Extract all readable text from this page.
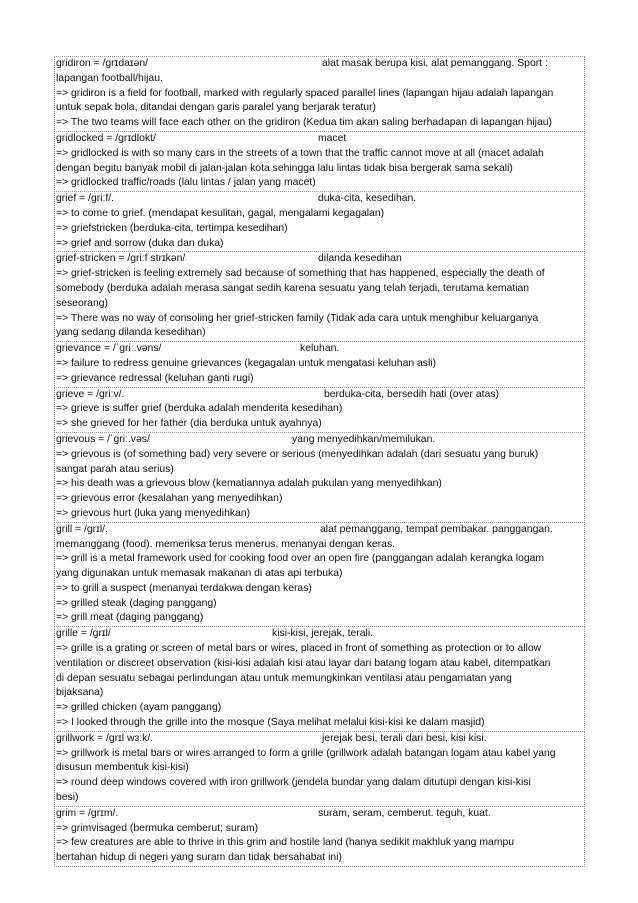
gridiron = /ɡrɪdaɪən/	alat masak berupa kisi, alat pemanggang. Sport :
lapangan football/hijau.
=> gridiron is a field for football, marked with regularly spaced parallel lines (lapangan hijau adalah lapangan
untuk sepak bola, ditandai dengan garis paralel yang berjarak teratur)
=> The two teams will face each other on the gridiron (Kedua tim akan saling berhadapan di lapangan hijau)
gridlocked = /ɡrɪdlokt/	macet
=> gridlocked is with so many cars in the streets of a town that the traffic cannot move at all (macet adalah
dengan begitu banyak mobil di jalan-jalan kota sehingga lalu lintas tidak bisa bergerak sama sekali)
=> gridlocked traffic/roads (lalu lintas / jalan yang macet)
grief = /ɡriːf/.	duka-cita, kesedihan.
=> to come to grief. (mendapat kesulitan, gagal, mengalami kegagalan)
=> griefstricken (berduka-cita, tertimpa kesedihan)
=> grief and sorrow (duka dan duka)
grief-stricken = /ɡriːf strɪkən/	dilanda kesedihan
=> grief-stricken is feeling extremely sad because of something that has happened, especially the death of
somebody (berduka adalah merasa sangat sedih karena sesuatu yang telah terjadi, terutama kematian
seseorang)
=> There was no way of consoling her grief-stricken family (Tidak ada cara untuk menghibur keluarganya
yang sedang dilanda kesedihan)
grievance = /ˈɡriː.vəns/	keluhan.
=> failure to redress genuine grievances (kegagalan untuk mengatasi keluhan asli)
=> grievance redressal (keluhan ganti rugi)
grieve = /ɡriːv/.	berduka-cita, bersedih hati (over atas)
=> grieve is suffer grief (berduka adalah menderita kesedihan)
=> she grieved for her father (dia berduka untuk ayahnya)
grievous = /ˈɡriː.vəs/	yang menyedihkan/memilukan.
=> grievous is (of something bad) very severe or serious (menyedihkan adalah (dari sesuatu yang buruk)
sangat parah atau serius)
=> his death was a grievous blow (kematiannya adalah pukulan yang menyedihkan)
=> grievous error (kesalahan yang menyedihkan)
=> grievous hurt (luka yang menyedihkan)
grill = /ɡrɪl/.	alat pemanggang, tempat pembakar. panggangan.
memanggang (food). memeriksa terus menerus, menanyai dengan keras.
=> grill is a metal framework used for cooking food over an open fire (panggangan adalah kerangka logam
yang digunakan untuk memasak makanan di atas api terbuka)
=> to grill a suspect (menanyai terdakwa dengan keras)
=> grilled steak (daging panggang)
=> grill meat (daging panggang)
grille = /ɡrɪl/	kisi-kisi, jerejak, terali.
=> grille is a grating or screen of metal bars or wires, placed in front of something as protection or to allow
ventilation or discreet observation (kisi-kisi adalah kisi atau layar dari batang logam atau kabel, ditempatkan
di depan sesuatu sebagai perlindungan atau untuk memungkinkan ventilasi atau pengamatan yang
bijaksana)
=> grilled chicken (ayam panggang)
=> I looked through the grille into the mosque (Saya melihat melalui kisi-kisi ke dalam masjid)
grillwork = /ɡrɪl wɜːk/.	jerejak besi, terali dari besi, kisi kisi.
=> grillwork is metal bars or wires arranged to form a grille (grillwork adalah batangan logam atau kabel yang
disusun membentuk kisi-kisi)
=> round deep windows covered with iron grillwork (jendela bundar yang dalam ditutupi dengan kisi-kisi
besi)
grim = /ɡrɪm/.	suram, seram, cemberut. teguh, kuat.
=> grimvisaged (bermuka cemberut; suram)
=> few creatures are able to thrive in this grim and hostile land (hanya sedikit makhluk yang mampu
bertahan hidup di negeri yang suram dan tidak bersahabat ini)
